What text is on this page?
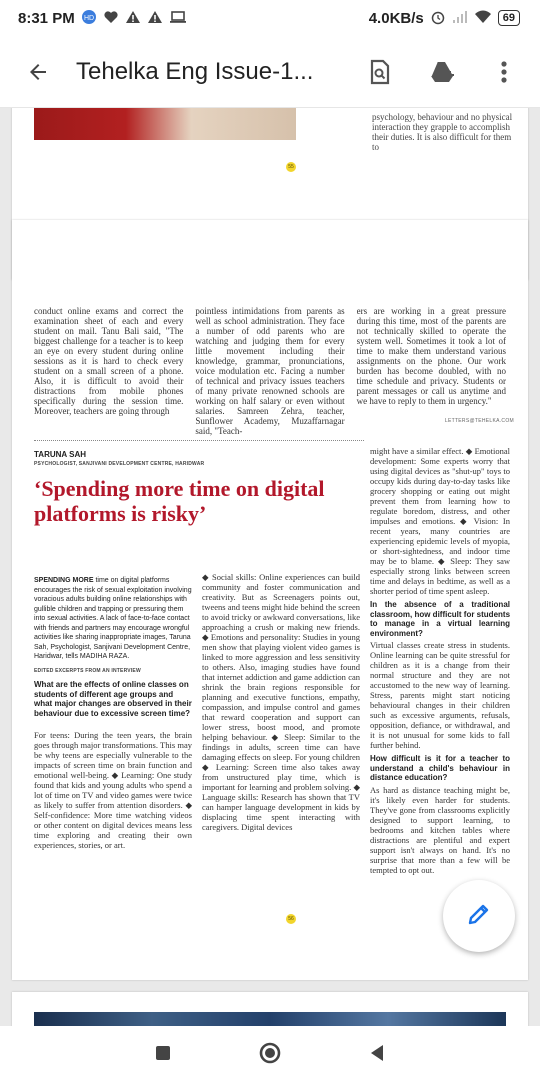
8:31 PM HD	4.0KB/s	69
Tehelka Eng Issue-1...
psychology, behaviour and no physical interaction they grapple to accomplish their duties. It is also difficult for them to
55
conduct online exams and correct the examination sheet of each and every student on mail. Tanu Bali said, "The biggest challenge for a teacher is to keep an eye on every student during online sessions as it is hard to check every student on a small screen of a phone. Also, it is difficult to avoid their distractions from mobile phones specifically during the session time. Moreover, teachers are going through
pointless intimidations from parents as well as school administration. They face a number of odd parents who are watching and judging them for every little movement including their knowledge, grammar, pronunciations, voice modulation etc. Facing a number of technical and privacy issues teachers of many private renowned schools are working on half salary or even without salaries. Samreen Zehra, teacher, Sunflower Academy, Muzaffarnagar said, "Teach-
ers are working in a great pressure during this time, most of the parents are not technically skilled to operate the system well. Sometimes it took a lot of time to make them understand various assignments on the phone. Our work burden has become doubled, with no time schedule and privacy. Students or parent messages or call us anytime and we have to reply to them in urgency."
LETTERS@TEHELKA.COM
TARUNA SAH
PSYCHOLOGIST, SANJIVANI DEVELOPMENT CENTRE, HARIDWAR
‘Spending more time on digital platforms is risky’
SPENDING MORE time on digital platforms encourages the risk of sexual exploitation involving voracious adults building online relationships with gullible children and trapping or pressuring them into sexual activities. A lack of face-to-face contact with friends and partners may encourage wrongful activities like sharing inappropriate images, Taruna Sah, Psychologist, Sanjivani Development Centre, Haridwar, tells MADIHA RAZA.
EDITED EXCERPTS FROM AN INTERVIEW
What are the effects of online classes on students of different age groups and what major changes are observed in their behaviour due to excessive screen time?
For teens: During the teen years, the brain goes through major transformations. This may be why teens are especially vulnerable to the impacts of screen time on brain function and emotional well-being. ◆ Learning: One study found that kids and young adults who spend a lot of time on TV and video games were twice as likely to suffer from attention disorders. ◆ Self-confidence: More time watching videos or other content on digital devices means less time exploring and creating their own experiences, stories, or art.
◆ Social skills: Online experiences can build community and foster communication and creativity. But as Screenagers points out, tweens and teens might hide behind the screen to avoid tricky or awkward conversations, like approaching a crush or making new friends. ◆ Emotions and personality: Studies in young men show that playing violent video games is linked to more aggression and less sensitivity to others. Also, imaging studies have found that internet addiction and game addiction can shrink the brain regions responsible for planning and executive functions, empathy, compassion, and impulse control and games that reward cooperation and support can lower stress, boost mood, and promote helping behaviour. ◆ Sleep: Similar to the findings in adults, screen time can have damaging effects on sleep. For young children ◆ Learning: Screen time also takes away from unstructured play time, which is important for learning and problem solving. ◆ Language skills: Research has shown that TV can hamper language development in kids by displacing time spent interacting with caregivers. Digital devices
might have a similar effect. ◆ Emotional development: Some experts worry that using digital devices as "shut-up" toys to occupy kids during day-to-day tasks like grocery shopping or eating out might prevent them from learning how to regulate boredom, distress, and other impulses and emotions. ◆ Vision: In recent years, many countries are experiencing epidemic levels of myopia, or short-sightedness, and indoor time may be to blame. ◆ Sleep: They saw especially strong links between screen time and delays in bedtime, as well as a shorter period of time spent asleep.
In the absence of a traditional classroom, how difficult for students to manage in a virtual learning environment?
Virtual classes create stress in students. Online learning can be quite stressful for children as it is a change from their normal structure and they are not accustomed to the new way of learning. Stress, parents might start noticing behavioural changes in their children such as excessive arguments, refusals, opposition, defiance, or withdrawal, and it is not unusual for some kids to fall further behind.
How difficult is it for a teacher to understand a child's behaviour in distance education?
As hard as distance teaching might be, it's likely even harder for students. They've gone from classrooms explicitly designed to support learning, to bedrooms and kitchen tables where distractions are plentiful and expert support isn't always on hand. It's no surprise that more than a few will be tempted to opt out.
56
